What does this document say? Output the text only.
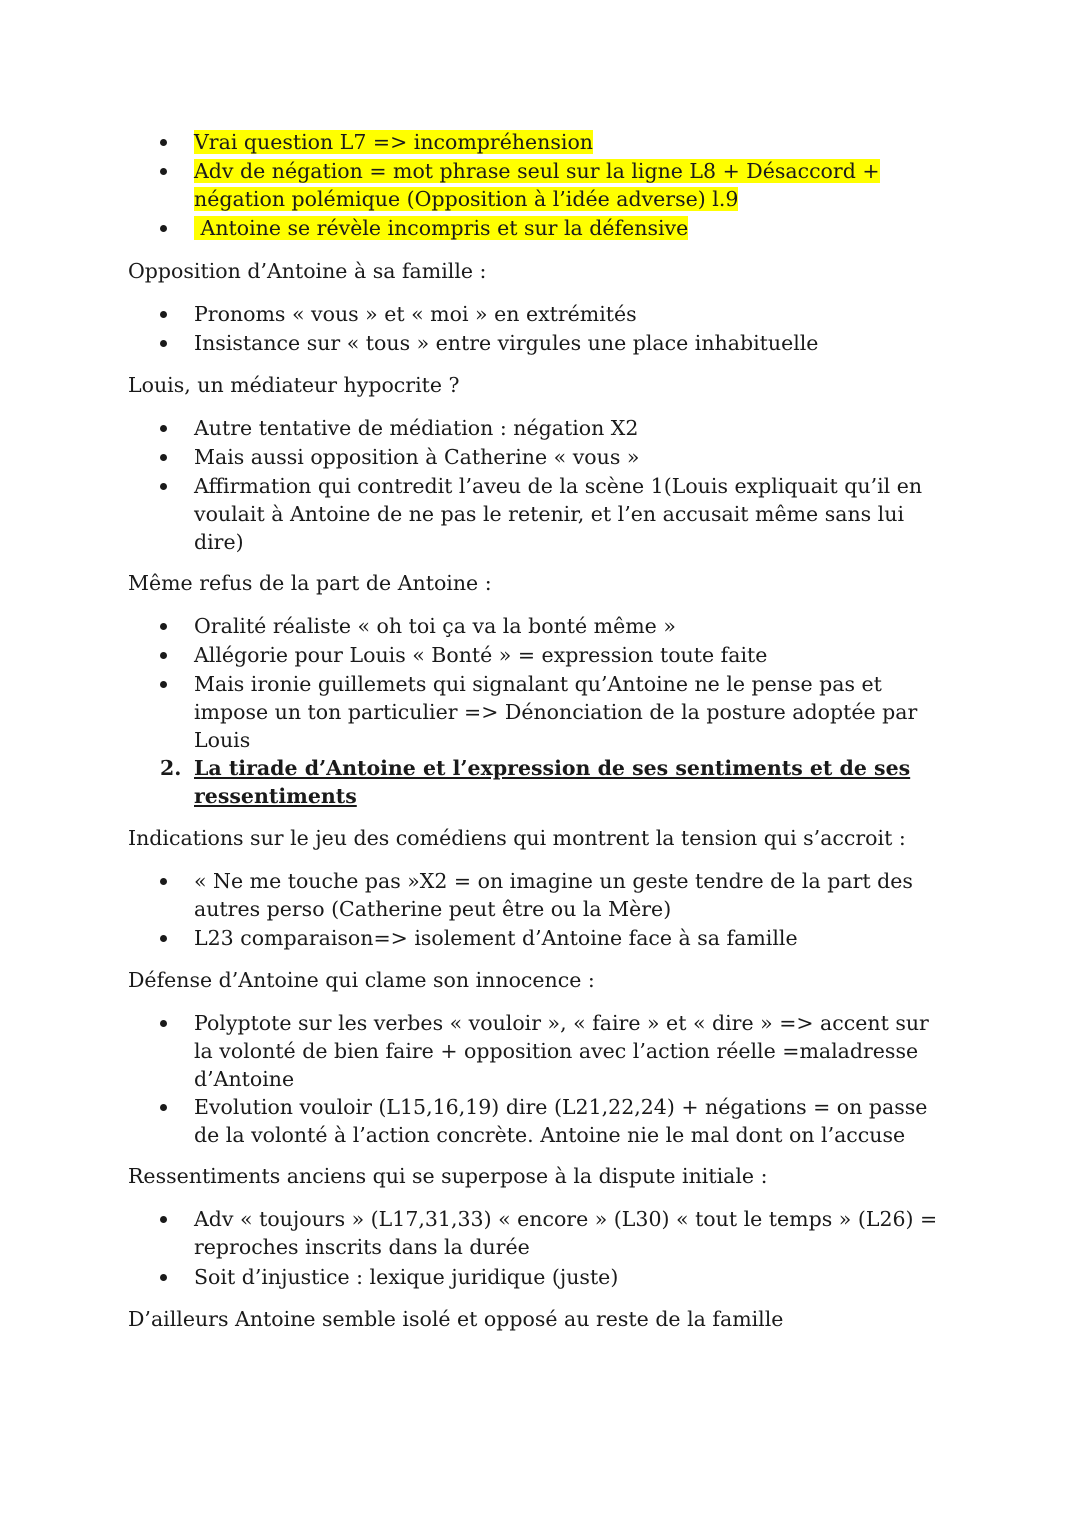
Vrai question L7 => incompréhension
Adv de négation = mot phrase seul sur la ligne L8 + Désaccord + négation polémique (Opposition à l’idée adverse) l.9
Antoine se révèle incompris et sur la défensive

Opposition d’Antoine à sa famille :

Pronoms « vous » et « moi » en extrémités
Insistance sur « tous » entre virgules une place inhabituelle

Louis, un médiateur hypocrite ?

Autre tentative de médiation : négation X2
Mais aussi opposition à Catherine « vous »
Affirmation qui contredit l’aveu de la scène 1(Louis expliquait qu’il en voulait à Antoine de ne pas le retenir, et l’en accusait même sans lui dire)

Même refus de la part de Antoine :

Oralité réaliste « oh toi ça va la bonté même »
Allégorie pour Louis « Bonté » = expression toute faite
Mais ironie guillemets qui signalant qu’Antoine ne le pense pas et impose un ton particulier => Dénonciation de la posture adoptée par Louis
2. La tirade d’Antoine et l’expression de ses sentiments et de ses ressentiments

Indications sur le jeu des comédiens qui montrent la tension qui s’accroit :

« Ne me touche pas »X2 = on imagine un geste tendre de la part des autres perso (Catherine peut être ou la Mère)
L23 comparaison=> isolement d’Antoine face à sa famille

Défense d’Antoine qui clame son innocence :

Polyptote sur les verbes « vouloir », « faire » et « dire » => accent sur la volonté de bien faire + opposition avec l’action réelle =maladresse d’Antoine
Evolution vouloir (L15,16,19) dire (L21,22,24) + négations = on passe de la volonté à l’action concrète. Antoine nie le mal dont on l’accuse

Ressentiments anciens qui se superpose à la dispute initiale :

Adv « toujours » (L17,31,33) « encore » (L30) « tout le temps » (L26) = reproches inscrits dans la durée
Soit d’injustice : lexique juridique (juste)

D’ailleurs Antoine semble isolé et opposé au reste de la famille
